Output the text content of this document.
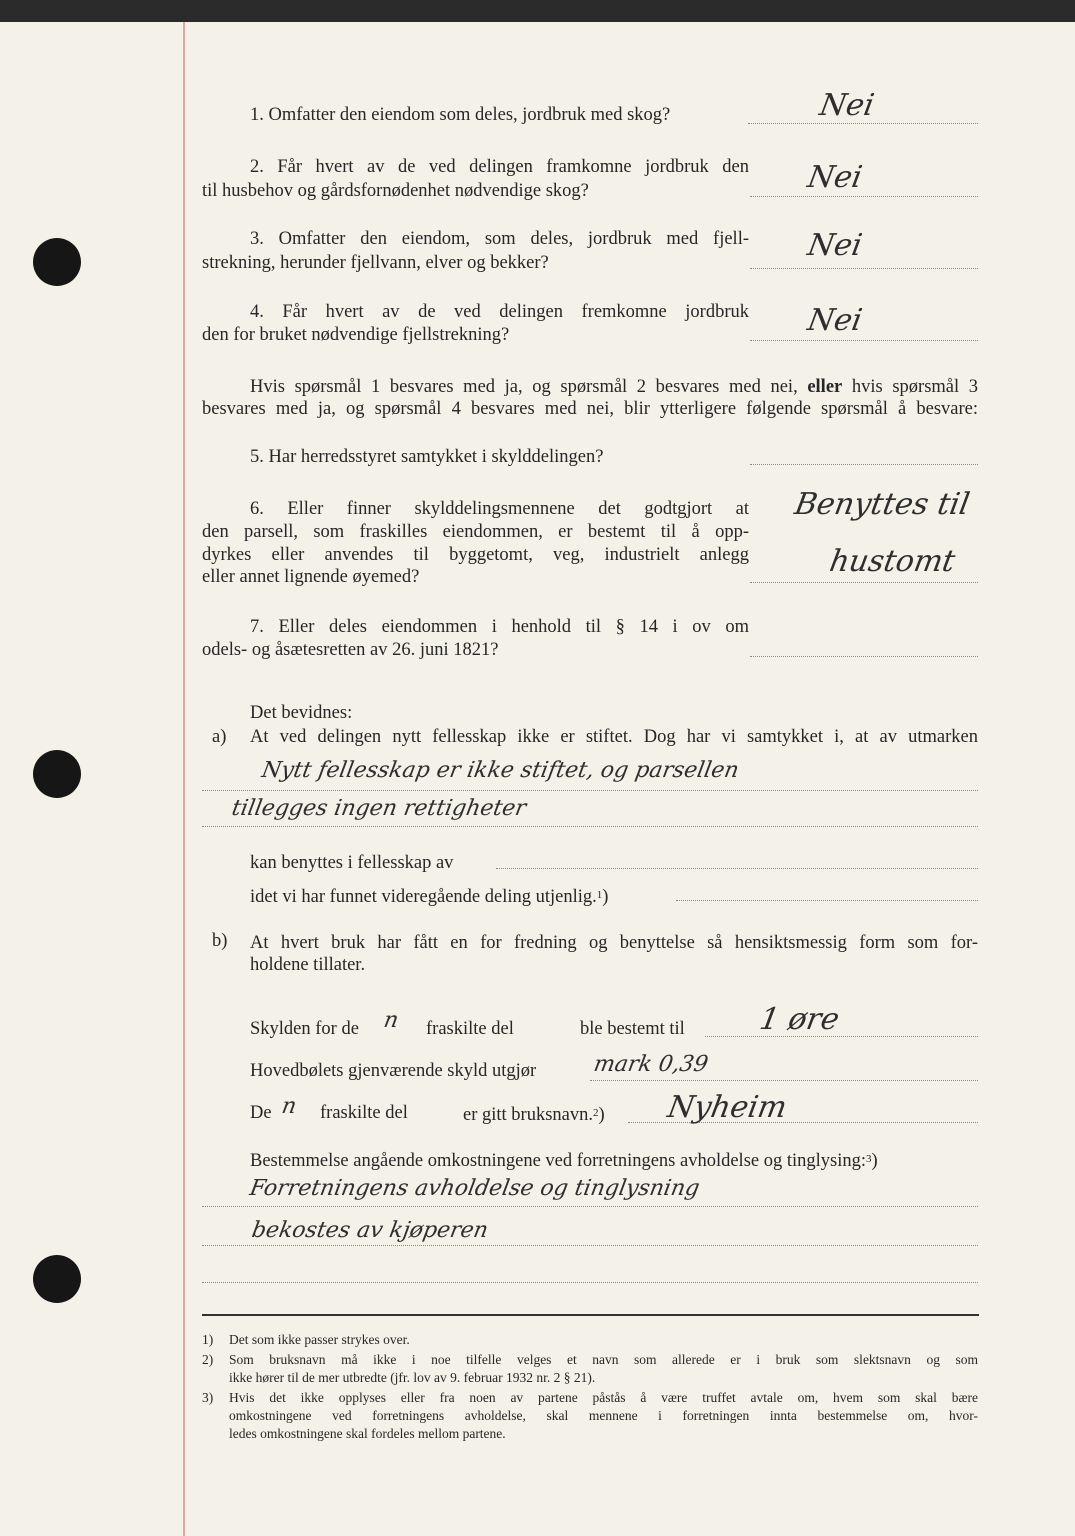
1. Omfatter den eiendom som deles, jordbruk med skog?	Nei
2. Får hvert av de ved delingen framkomne jordbruk den
til husbehov og gårdsfornødenhet nødvendige skog?	Nei
3. Omfatter den eiendom, som deles, jordbruk med fjell-
strekning, herunder fjellvann, elver og bekker?	Nei
4. Får hvert av de ved delingen fremkomne jordbruk
den for bruket nødvendige fjellstrekning?	Nei
Hvis spørsmål 1 besvares med ja, og spørsmål 2 besvares med nei, eller hvis spørsmål 3
besvares med ja, og spørsmål 4 besvares med nei, blir ytterligere følgende spørsmål å besvare:
5. Har herredsstyret samtykket i skylddelingen?
6. Eller finner skylddelingsmennene det godtgjort at
den parsell, som fraskilles eiendommen, er bestemt til å opp-
dyrkes eller anvendes til byggetomt, veg, industrielt anlegg
eller annet lignende øyemed?
Benyttes til
hustomt
7. Eller deles eiendommen i henhold til § 14 i ov om
odels- og åsætesretten av 26. juni 1821?
Det bevidnes:
a) At ved delingen nytt fellesskap ikke er stiftet. Dog har vi samtykket i, at av utmarken
Nytt fellesskap er ikke stiftet, og parsellen
tillegges ingen rettigheter
kan benyttes i fellesskap av
idet vi har funnet videregående deling utjenlig.$^1$)
b) At hvert bruk har fått en for fredning og benyttelse så hensiktsmessig form som for-
holdene tillater.
Skylden for de n fraskilte del	ble bestemt til 1 øre
Hovedbølets gjenværende skyld utgjør	mark 0,39
De n fraskilte del	er gitt bruksnavn.$^2$) Nyheim
Bestemmelse angående omkostningene ved forretningens avholdelse og tinglysing:$^3$)
Forretningens avholdelse og tinglysning
bekostes av kjøperen
1) Det som ikke passer strykes over.
2) Som bruksnavn må ikke i noe tilfelle velges et navn som allerede er i bruk som slektsnavn og som
ikke hører til de mer utbredte (jfr. lov av 9. februar 1932 nr. 2 § 21).
3) Hvis det ikke opplyses eller fra noen av partene påstås å være truffet avtale om, hvem som skal bære
omkostningene ved forretningens avholdelse, skal mennene i forretningen innta bestemmelse om, hvor-
ledes omkostningene skal fordeles mellom partene.
